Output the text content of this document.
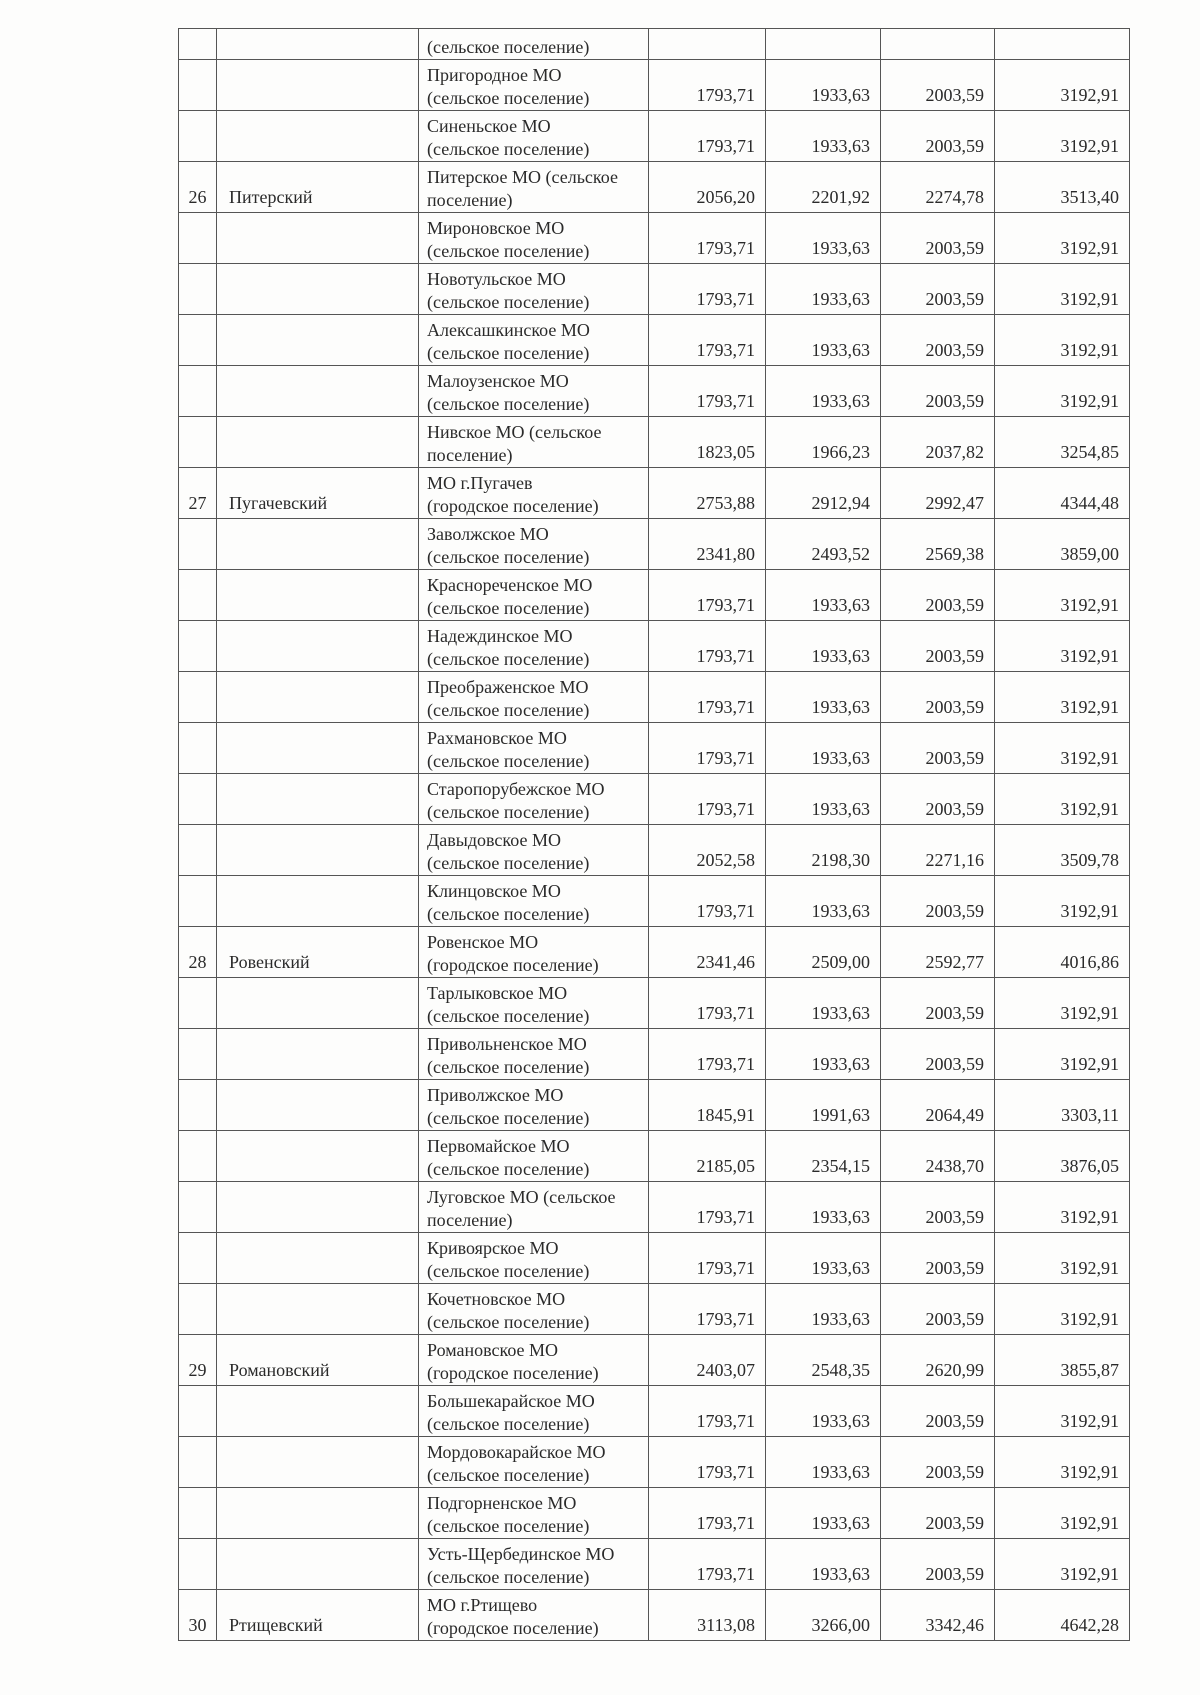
		(сельское поселение)				

		Пригородное МО
(сельское поселение)	1793,71	1933,63	2003,59	3192,91

		Синеньское МО
(сельское поселение)	1793,71	1933,63	2003,59	3192,91
26	Питерский	Питерское МО (сельское
поселение)	2056,20	2201,92	2274,78	3513,40

		Мироновское МО
(сельское поселение)	1793,71	1933,63	2003,59	3192,91

		Новотульское МО
(сельское поселение)	1793,71	1933,63	2003,59	3192,91

		Алексашкинское МО
(сельское поселение)	1793,71	1933,63	2003,59	3192,91

		Малоузенское МО
(сельское поселение)	1793,71	1933,63	2003,59	3192,91

		Нивское МО (сельское
поселение)	1823,05	1966,23	2037,82	3254,85
27	Пугачевский	МО г.Пугачев
(городское поселение)	2753,88	2912,94	2992,47	4344,48

		Заволжское МО
(сельское поселение)	2341,80	2493,52	2569,38	3859,00

		Краснореченское МО
(сельское поселение)	1793,71	1933,63	2003,59	3192,91

		Надеждинское МО
(сельское поселение)	1793,71	1933,63	2003,59	3192,91

		Преображенское МО
(сельское поселение)	1793,71	1933,63	2003,59	3192,91

		Рахмановское МО
(сельское поселение)	1793,71	1933,63	2003,59	3192,91

		Старопорубежское МО
(сельское поселение)	1793,71	1933,63	2003,59	3192,91

		Давыдовское МО
(сельское поселение)	2052,58	2198,30	2271,16	3509,78

		Клинцовское МО
(сельское поселение)	1793,71	1933,63	2003,59	3192,91
28	Ровенский	Ровенское МО
(городское поселение)	2341,46	2509,00	2592,77	4016,86

		Тарлыковское МО
(сельское поселение)	1793,71	1933,63	2003,59	3192,91

		Привольненское МО
(сельское поселение)	1793,71	1933,63	2003,59	3192,91

		Приволжское МО
(сельское поселение)	1845,91	1991,63	2064,49	3303,11

		Первомайское МО
(сельское поселение)	2185,05	2354,15	2438,70	3876,05

		Луговское МО (сельское
поселение)	1793,71	1933,63	2003,59	3192,91

		Кривоярское МО
(сельское поселение)	1793,71	1933,63	2003,59	3192,91

		Кочетновское МО
(сельское поселение)	1793,71	1933,63	2003,59	3192,91
29	Романовский	Романовское МО
(городское поселение)	2403,07	2548,35	2620,99	3855,87

		Большекарайское МО
(сельское поселение)	1793,71	1933,63	2003,59	3192,91

		Мордовокарайское МО
(сельское поселение)	1793,71	1933,63	2003,59	3192,91

		Подгорненское МО
(сельское поселение)	1793,71	1933,63	2003,59	3192,91

		Усть-Щербединское МО
(сельское поселение)	1793,71	1933,63	2003,59	3192,91
30	Ртищевский	МО г.Ртищево
(городское поселение)	3113,08	3266,00	3342,46	4642,28
